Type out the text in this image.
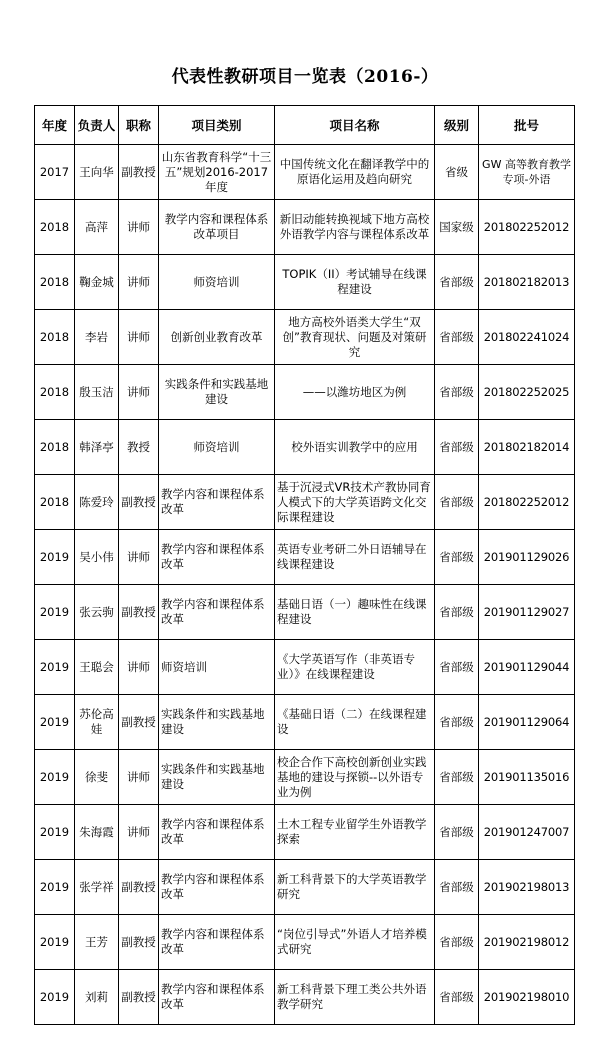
代表性教研项目一览表（2016-）
年度	负责人	职称	项目类别	项目名称	级别	批号
2017	王向华	副教授	山东省教育科学“十三五”规划2016-2017年度	中国传统文化在翻译教学中的原语化运用及趋向研究	省级	GW 高等教育教学专项-外语
2018	高萍	讲师	教学内容和课程体系改革项目	新旧动能转换视域下地方高校外语教学内容与课程体系改革	国家级	201802252012
2018	鞠金城	讲师	师资培训	TOPIK（II）考试辅导在线课程建设	省部级	201802182013
2018	李岩	讲师	创新创业教育改革	地方高校外语类大学生“双创”教育现状、问题及对策研究	省部级	201802241024
2018	殷玉洁	讲师	实践条件和实践基地建设	——以潍坊地区为例	省部级	201802252025
2018	韩泽亭	教授	师资培训	校外语实训教学中的应用	省部级	201802182014
2018	陈爱玲	副教授	教学内容和课程体系改革	基于沉浸式VR技术产教协同育人模式下的大学英语跨文化交际课程建设	省部级	201802252012
2019	吴小伟	讲师	教学内容和课程体系改革	英语专业考研二外日语辅导在线课程建设	省部级	201901129026
2019	张云驹	副教授	教学内容和课程体系改革	基础日语（一）趣味性在线课程建设	省部级	201901129027
2019	王聪会	讲师	师资培训	《大学英语写作（非英语专业）》在线课程建设	省部级	201901129044
2019	苏伦高娃	副教授	实践条件和实践基地建设	《基础日语（二）在线课程建设	省部级	201901129064
2019	徐斐	讲师	实践条件和实践基地建设	校企合作下高校创新创业实践基地的建设与探锁--以外语专业为例	省部级	201901135016
2019	朱海霞	讲师	教学内容和课程体系改革	土木工程专业留学生外语教学探索	省部级	201901247007
2019	张学祥	副教授	教学内容和课程体系改革	新工科背景下的大学英语教学研究	省部级	201902198013
2019	王芳	副教授	教学内容和课程体系改革	“岗位引导式”外语人才培养模式研究	省部级	201902198012
2019	刘莉	副教授	教学内容和课程体系改革	新工科背景下理工类公共外语教学研究	省部级	201902198010
